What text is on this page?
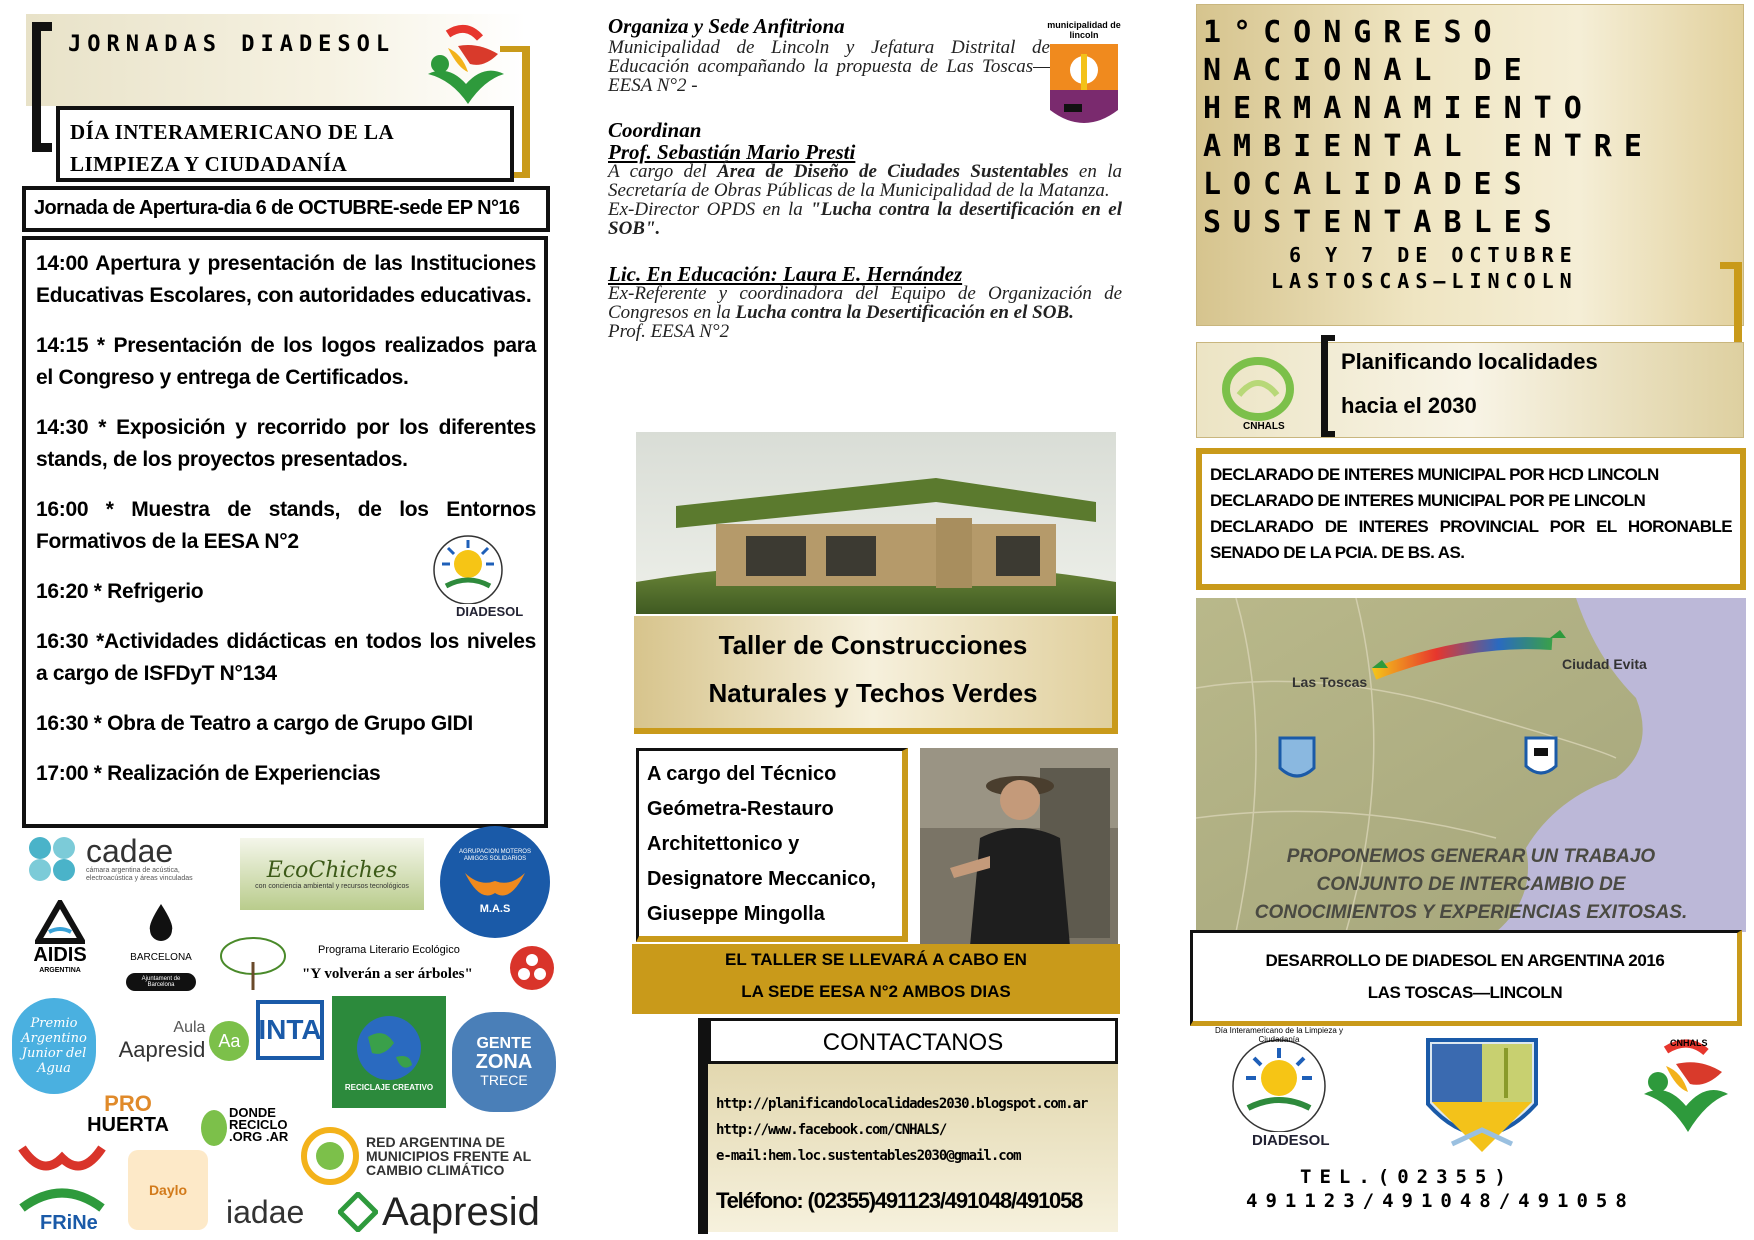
JORNADAS DIADESOL
DÍA INTERAMERICANO DE LA
LIMPIEZA Y CIUDADANÍA
Jornada de Apertura-dia 6 de OCTUBRE-sede EP N°16

14:00 Apertura y presentación de las Instituciones Educativas Escolares, con autoridades educativas.

14:15 * Presentación de los logos realizados para el Congreso y entrega de Certificados.

14:30 * Exposición y recorrido por los diferentes stands, de los proyectos presentados.

16:00 * Muestra de stands, de los Entornos Formativos de la EESA N°2

16:20 * Refrigerio

16:30 *Actividades didácticas en todos los niveles a cargo de ISFDyT N°134

16:30 * Obra de Teatro a cargo de Grupo GIDI

17:00 * Realización de Experiencias

DIADESOL
cadae
cámara argentina de acústica, electroacústica y áreas vinculadas	EcoChiches
con conciencia ambiental y recursos tecnológicos
AGRUPACION MOTEROS AMIGOS SOLIDARIOS
M.A.S
AIDIS
ARGENTINA
BARCELONA
Ajuntament de Barcelona
Programa Literario Ecológico
"Y volverán a ser árboles"
Premio Argentino Junior del Agua
Aula
Aapresid Aa INTA
RECICLAJE CREATIVO
GENTE
ZONA
TRECE
PRO
HUERTA
DONDE RECICLO .ORG .AR	RED ARGENTINA DE MUNICIPIOS FRENTE AL CAMBIO CLIMÁTICO
FRiNe
Daylo
iadae Aapresid
Organiza y Sede Anfitriona
Municipalidad de Lincoln y Jefatura Distrital de Educación acompañando la propuesta de Las Toscas—EESA N°2 -
municipalidad de lincoln
Coordinan
Prof. Sebastián Mario Presti
A cargo del Área de Diseño de Ciudades Sustentables en la Secretaría de Obras Públicas de la Municipalidad de la Matanza.
Ex-Director OPDS en la "Lucha contra la desertificación en el SOB".
Lic. En Educación: Laura E. Hernández
Ex-Referente y coordinadora del Equipo de Organización de Congresos en la Lucha contra la Desertificación en el SOB.
Prof. EESA N°2
Taller de Construcciones
Naturales y Techos Verdes
A cargo del Técnico
Geómetra-Restauro
Architettonico y
Designatore Meccanico,
Giuseppe Mingolla
EL TALLER SE LLEVARÁ A CABO EN
LA SEDE EESA N°2 AMBOS DIAS
CONTACTANOS
http://planificandolocalidades2030.blogspot.com.ar
http://www.facebook.com/CNHALS/
e-mail:hem.loc.sustentables2030@gmail.com
Teléfono: (02355)491123/491048/491058
1°CONGRESO
NACIONAL DE
HERMANAMIENTO
AMBIENTAL ENTRE
LOCALIDADES
SUSTENTABLES
6 Y 7 DE OCTUBRE
LASTOSCAS—LINCOLN
CNHALS
Planificando localidades
hacia el 2030
DECLARADO DE INTERES MUNICIPAL POR HCD LINCOLN
DECLARADO DE INTERES MUNICIPAL POR PE LINCOLN
DECLARADO DE INTERES PROVINCIAL POR EL HORONABLE SENADO DE LA PCIA. DE BS. AS.
Las Toscas
Ciudad Evita
PROPONEMOS GENERAR UN TRABAJO
CONJUNTO DE INTERCAMBIO DE
CONOCIMIENTOS Y EXPERIENCIAS EXITOSAS.
DESARROLLO DE DIADESOL EN ARGENTINA 2016
LAS TOSCAS—LINCOLN
Día Interamericano de la Limpieza y Ciudadanía
DIADESOL
CNHALS
TEL.(02355)
491123/491048/491058
